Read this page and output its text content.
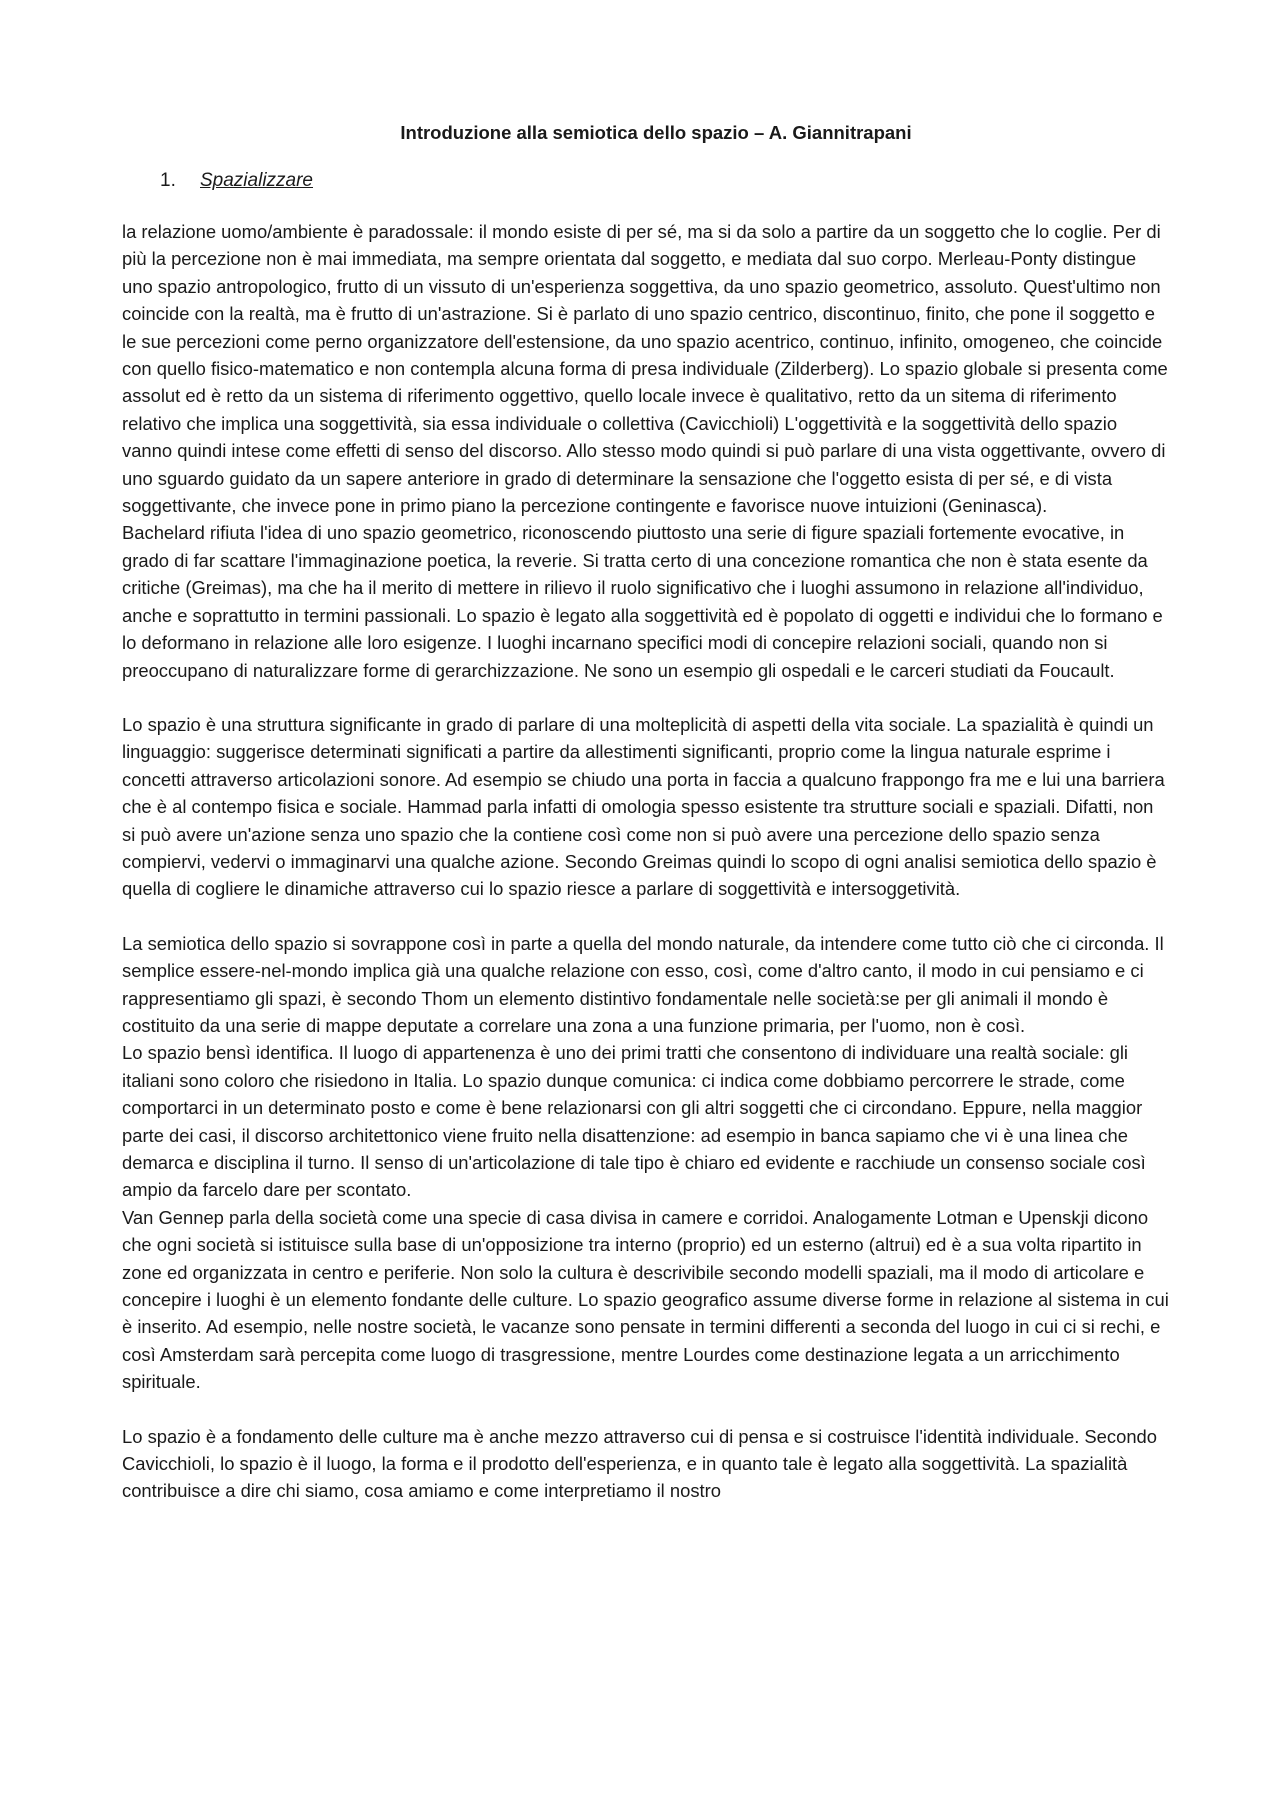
Introduzione alla semiotica dello spazio – A. Giannitrapani
1. Spazializzare

la relazione uomo/ambiente è paradossale: il mondo esiste di per sé, ma si da solo a partire da un soggetto che lo coglie. Per di più la percezione non è mai immediata, ma sempre orientata dal soggetto, e mediata dal suo corpo. Merleau-Ponty distingue uno spazio antropologico, frutto di un vissuto di un'esperienza soggettiva, da uno spazio geometrico, assoluto. Quest'ultimo non coincide con la realtà, ma è frutto di un'astrazione. Si è parlato di uno spazio centrico, discontinuo, finito, che pone il soggetto e le sue percezioni come perno organizzatore dell'estensione, da uno spazio acentrico, continuo, infinito, omogeneo, che coincide con quello fisico-matematico e non contempla alcuna forma di presa individuale (Zilderberg). Lo spazio globale si presenta come assolut ed è retto da un sistema di riferimento oggettivo, quello locale invece è qualitativo, retto da un sitema di riferimento relativo che implica una soggettività, sia essa individuale o collettiva (Cavicchioli) L'oggettività e la soggettività dello spazio vanno quindi intese come effetti di senso del discorso. Allo stesso modo quindi si può parlare di una vista oggettivante, ovvero di uno sguardo guidato da un sapere anteriore in grado di determinare la sensazione che l'oggetto esista di per sé, e di vista soggettivante, che invece pone in primo piano la percezione contingente e favorisce nuove intuizioni (Geninasca).

Bachelard rifiuta l'idea di uno spazio geometrico, riconoscendo piuttosto una serie di figure spaziali fortemente evocative, in grado di far scattare l'immaginazione poetica, la reverie. Si tratta certo di una concezione romantica che non è stata esente da critiche (Greimas), ma che ha il merito di mettere in rilievo il ruolo significativo che i luoghi assumono in relazione all'individuo, anche e soprattutto in termini passionali. Lo spazio è legato alla soggettività ed è popolato di oggetti e individui che lo formano e lo deformano in relazione alle loro esigenze. I luoghi incarnano specifici modi di concepire relazioni sociali, quando non si preoccupano di naturalizzare forme di gerarchizzazione. Ne sono un esempio gli ospedali e le carceri studiati da Foucault.

Lo spazio è una struttura significante in grado di parlare di una molteplicità di aspetti della vita sociale. La spazialità è quindi un linguaggio: suggerisce determinati significati a partire da allestimenti significanti, proprio come la lingua naturale esprime i concetti attraverso articolazioni sonore. Ad esempio se chiudo una porta in faccia a qualcuno frappongo fra me e lui una barriera che è al contempo fisica e sociale. Hammad parla infatti di omologia spesso esistente tra strutture sociali e spaziali. Difatti, non si può avere un'azione senza uno spazio che la contiene così come non si può avere una percezione dello spazio senza compiervi, vedervi o immaginarvi una qualche azione. Secondo Greimas quindi lo scopo di ogni analisi semiotica dello spazio è quella di cogliere le dinamiche attraverso cui lo spazio riesce a parlare di soggettività e intersoggetività.

La semiotica dello spazio si sovrappone così in parte a quella del mondo naturale, da intendere come tutto ciò che ci circonda. Il semplice essere-nel-mondo implica già una qualche relazione con esso, così, come d'altro canto, il modo in cui pensiamo e ci rappresentiamo gli spazi, è secondo Thom un elemento distintivo fondamentale nelle società:se per gli animali il mondo è costituito da una serie di mappe deputate a correlare una zona a una funzione primaria, per l'uomo, non è così.

Lo spazio bensì identifica. Il luogo di appartenenza è uno dei primi tratti che consentono di individuare una realtà sociale: gli italiani sono coloro che risiedono in Italia. Lo spazio dunque comunica: ci indica come dobbiamo percorrere le strade, come comportarci in un determinato posto e come è bene relazionarsi con gli altri soggetti che ci circondano. Eppure, nella maggior parte dei casi, il discorso architettonico viene fruito nella disattenzione: ad esempio in banca sapiamo che vi è una linea che demarca e disciplina il turno. Il senso di un'articolazione di tale tipo è chiaro ed evidente e racchiude un consenso sociale così ampio da farcelo dare per scontato.

Van Gennep parla della società come una specie di casa divisa in camere e corridoi. Analogamente Lotman e Upenskji dicono che ogni società si istituisce sulla base di un'opposizione tra interno (proprio) ed un esterno (altrui) ed è a sua volta ripartito in zone ed organizzata in centro e periferie. Non solo la cultura è descrivibile secondo modelli spaziali, ma il modo di articolare e concepire i luoghi è un elemento fondante delle culture. Lo spazio geografico assume diverse forme in relazione al sistema in cui è inserito. Ad esempio, nelle nostre società, le vacanze sono pensate in termini differenti a seconda del luogo in cui ci si rechi, e così Amsterdam sarà percepita come luogo di trasgressione, mentre Lourdes come destinazione legata a un arricchimento spirituale.

Lo spazio è a fondamento delle culture ma è anche mezzo attraverso cui di pensa e si costruisce l'identità individuale. Secondo Cavicchioli, lo spazio è il luogo, la forma e il prodotto dell'esperienza, e in quanto tale è legato alla soggettività. La spazialità contribuisce a dire chi siamo, cosa amiamo e come interpretiamo il nostro
